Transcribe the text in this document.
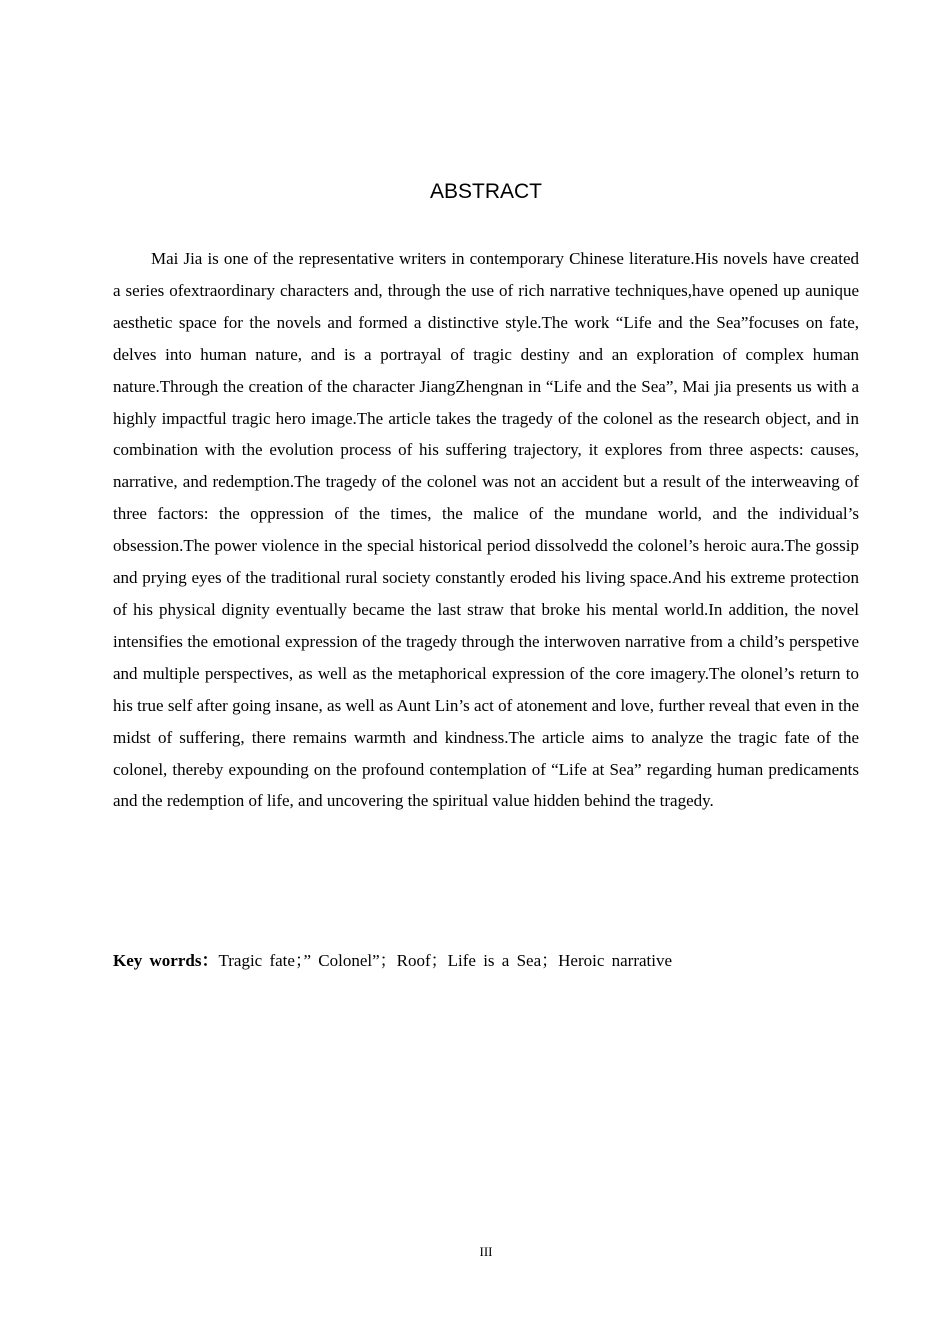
ABSTRACT

Mai Jia is one of the representative writers in contemporary Chinese literature.His novels have created a series ofextraordinary characters and, through the use of rich narrative techniques,have opened up aunique aesthetic space for the novels and formed a distinctive style.The work “Life and the Sea”focuses on fate, delves into human nature, and is a portrayal of tragic destiny and an exploration of complex human nature.Through the creation of the character JiangZhengnan in “Life and the Sea”, Mai jia presents us with a highly impactful tragic hero image.The article takes the tragedy of the colonel as the research object, and in combination with the evolution process of his suffering trajectory, it explores from three aspects: causes, narrative, and redemption.The tragedy of the colonel was not an accident but a result of the interweaving of three factors: the oppression of the times, the malice of the mundane world, and the individual’s obsession.The power violence in the special historical period dissolvedd the colonel’s heroic aura.The gossip and prying eyes of the traditional rural society constantly eroded his living space.And his extreme protection of his physical dignity eventually became the last straw that broke his mental world.In addition, the novel intensifies the emotional expression of the tragedy through the interwoven narrative from a child’s perspetive and multiple perspectives, as well as the metaphorical expression of the core imagery.The olonel’s return to his true self after going insane, as well as Aunt Lin’s act of atonement and love, further reveal that even in the midst of suffering, there remains warmth and kindness.The article aims to analyze the tragic fate of the colonel, thereby expounding on the profound contemplation of “Life at Sea” regarding human predicaments and the redemption of life, and uncovering the spiritual value hidden behind the tragedy.

Key worrds：Tragic fate；” Colonel”；Roof；Life is a Sea；Heroic narrative

III
